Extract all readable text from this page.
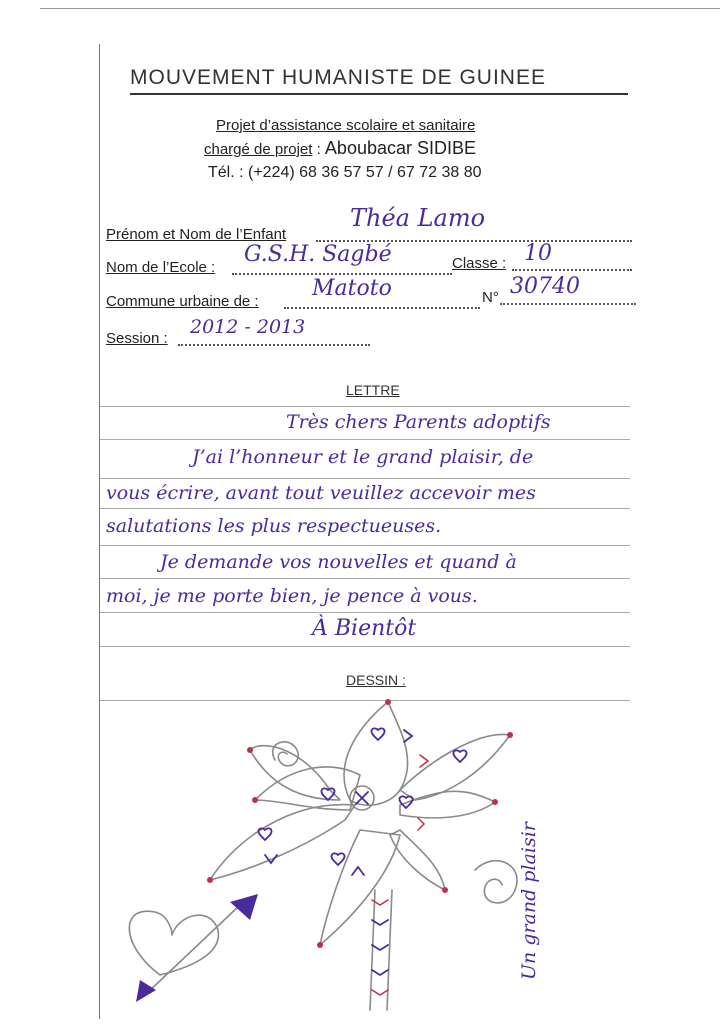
MOUVEMENT HUMANISTE DE GUINEE
Projet d’assistance scolaire et sanitaire
chargé de projet : Aboubacar SIDIBE
Tél. : (+224) 68 36 57 57 / 67 72 38 80
Prénom et Nom de l’Enfant
Théa Lamo
Nom de l’Ecole :
G.S.H. Sagbé	Classe : 10
Commune urbaine de :
Matoto	N° 30740
Session :
2012 - 2013
LETTRE
Très chers Parents adoptifs
J’ai l’honneur et le grand plaisir, de
vous écrire, avant tout veuillez accevoir mes
salutations les plus respectueuses.
Je demande vos nouvelles et quand à
moi, je me porte bien, je pence à vous.
À Bientôt
DESSIN :
Un grand plaisir
